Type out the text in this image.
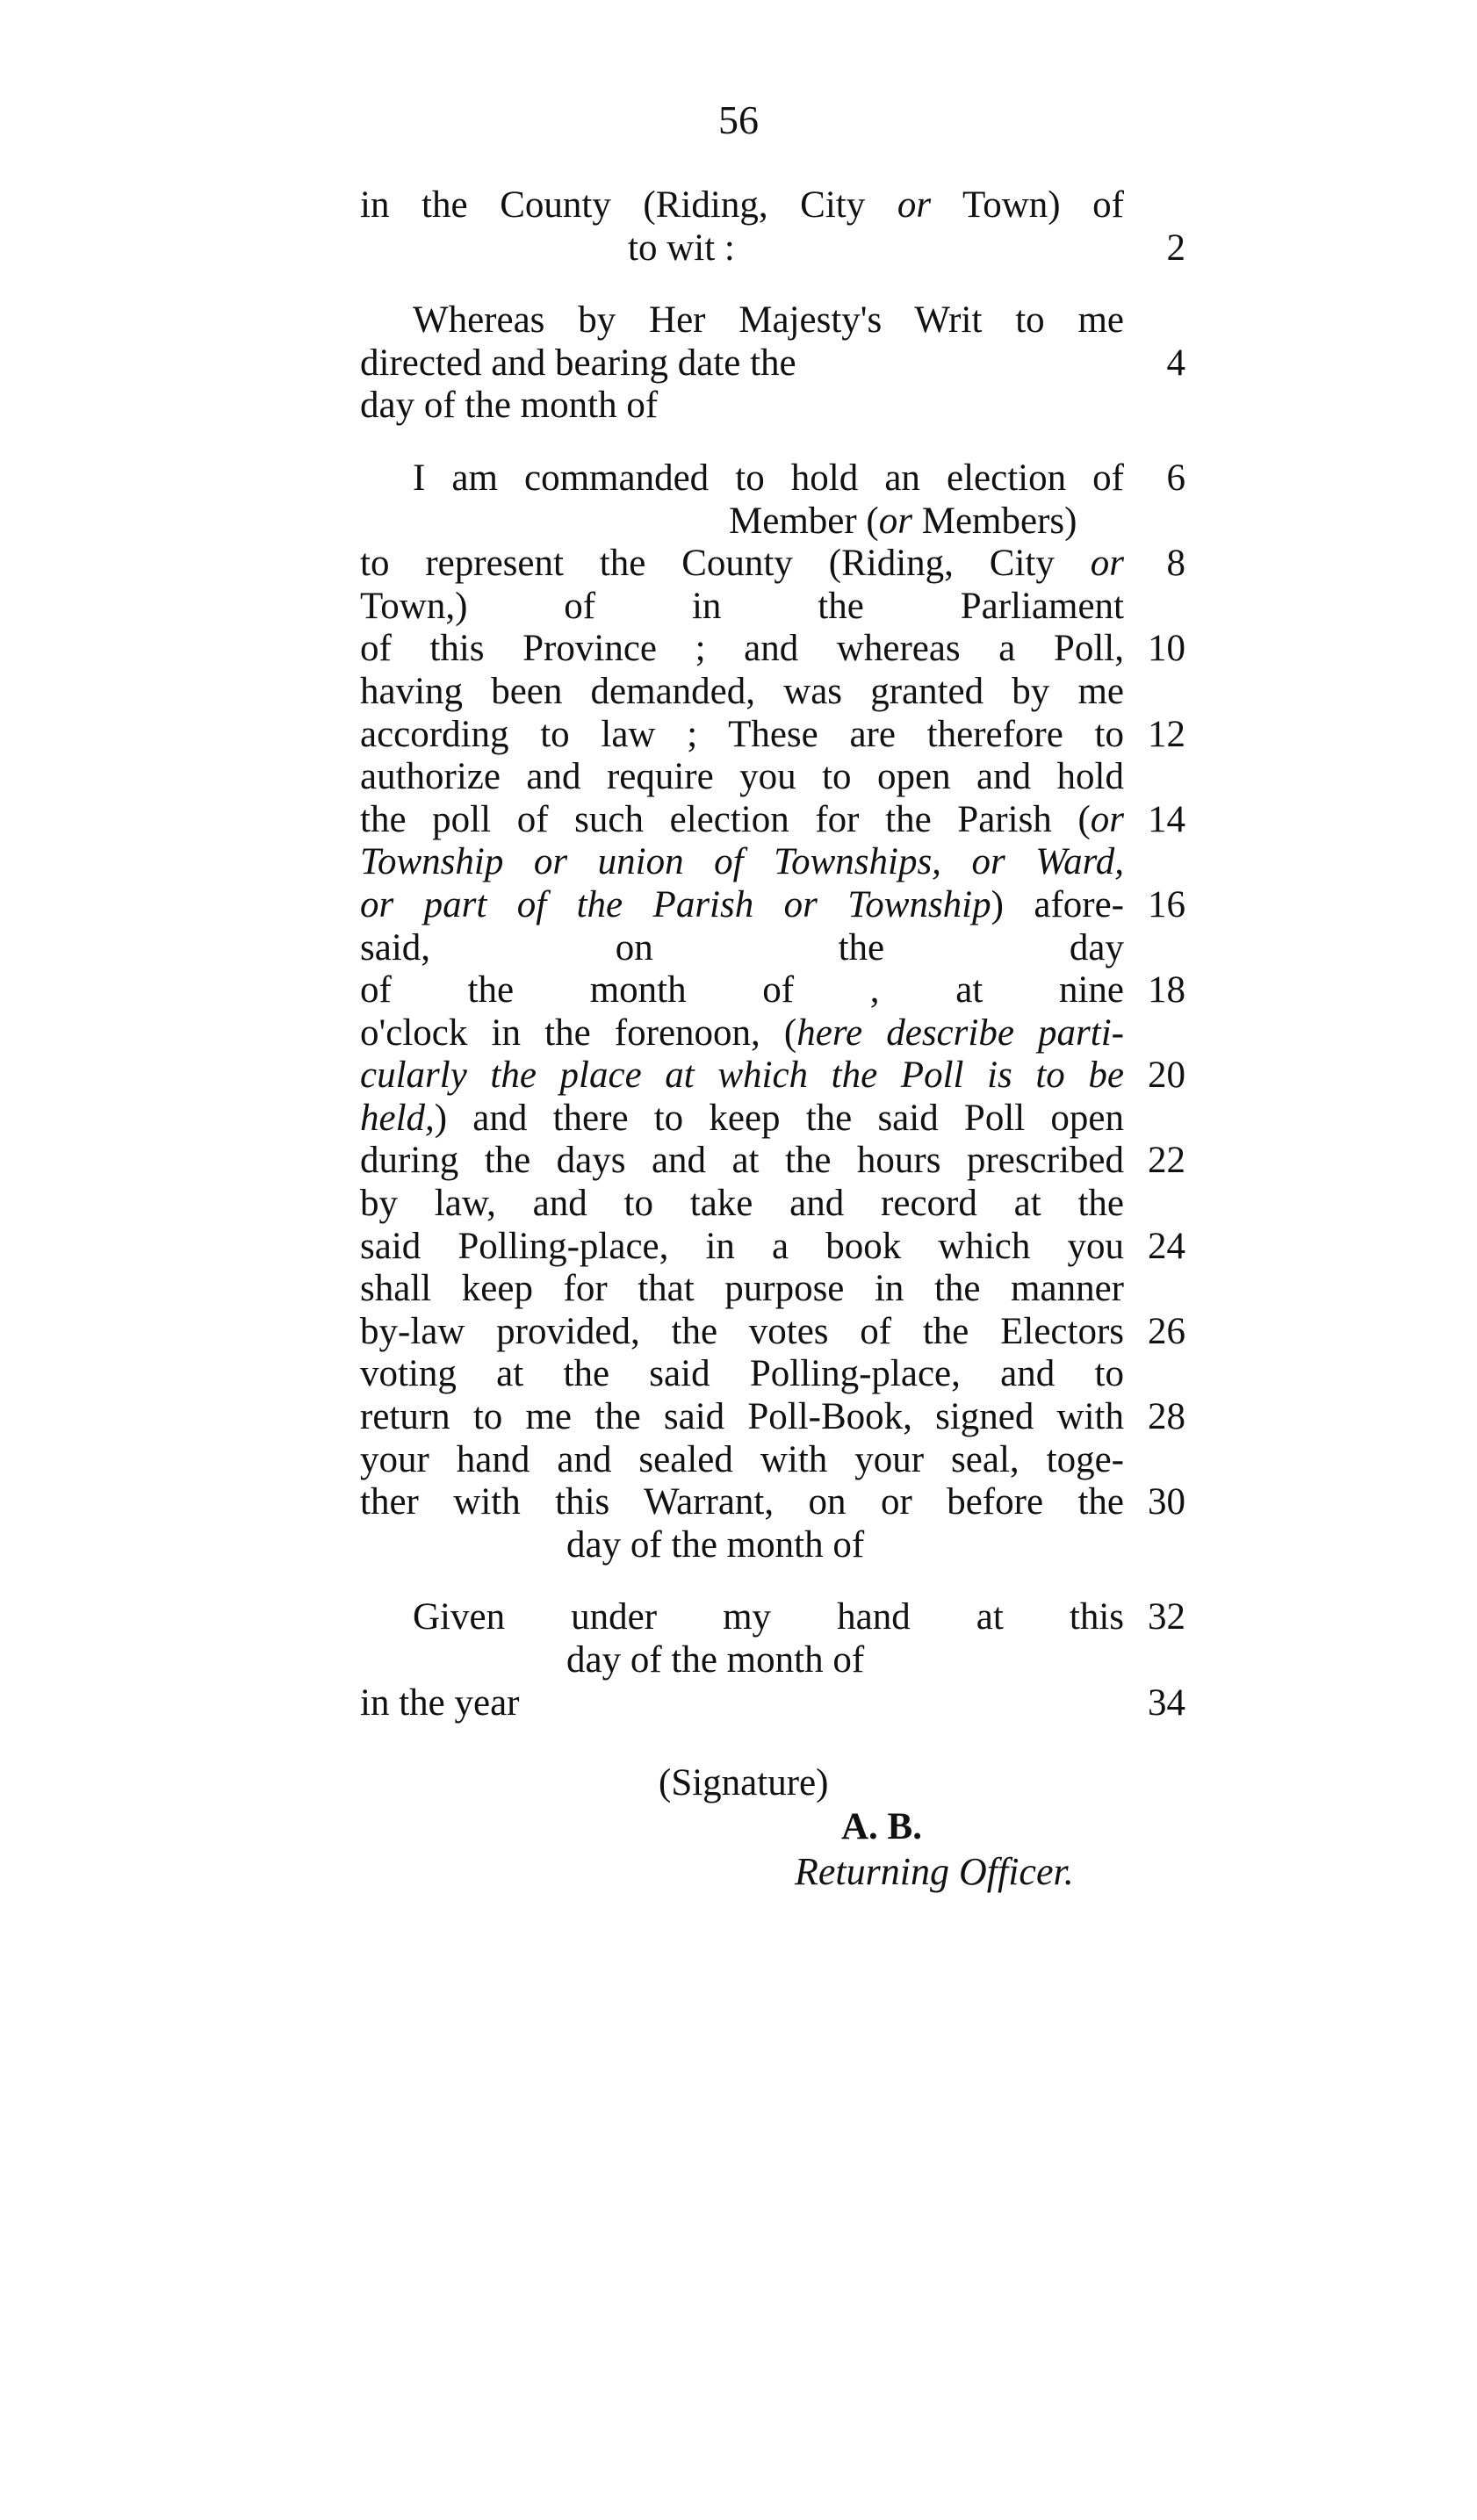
56
in the County (Riding, City or Town) of
to wit :	2
Whereas by Her Majesty's Writ to me
directed and bearing date the	4
day of the month of
I am commanded to hold an election of	6
Member (or Members)
to represent the County (Riding, City or	8
Town,) of in the Parliament
of this Province ; and whereas a Poll, 10
having been demanded, was granted by me
according to law ; These are therefore to 12
authorize and require you to open and hold
the poll of such election for the Parish (or 14
Township or union of Townships, or Ward,
or part of the Parish or Township) afore- 16
said, on the day
of the month of , at nine 18
o'clock in the forenoon, (here describe parti-
cularly the place at which the Poll is to be 20
held,) and there to keep the said Poll open
during the days and at the hours prescribed 22
by law, and to take and record at the
said Polling-place, in a book which you 24
shall keep for that purpose in the manner
by-law provided, the votes of the Electors 26
voting at the said Polling-place, and to
return to me the said Poll-Book, signed with 28
your hand and sealed with your seal, toge-
ther with this Warrant, on or before the 30
day of the month of
Given under my hand at this 32
day of the month of
in the year	34
(Signature)
A. B.
Returning Officer.
